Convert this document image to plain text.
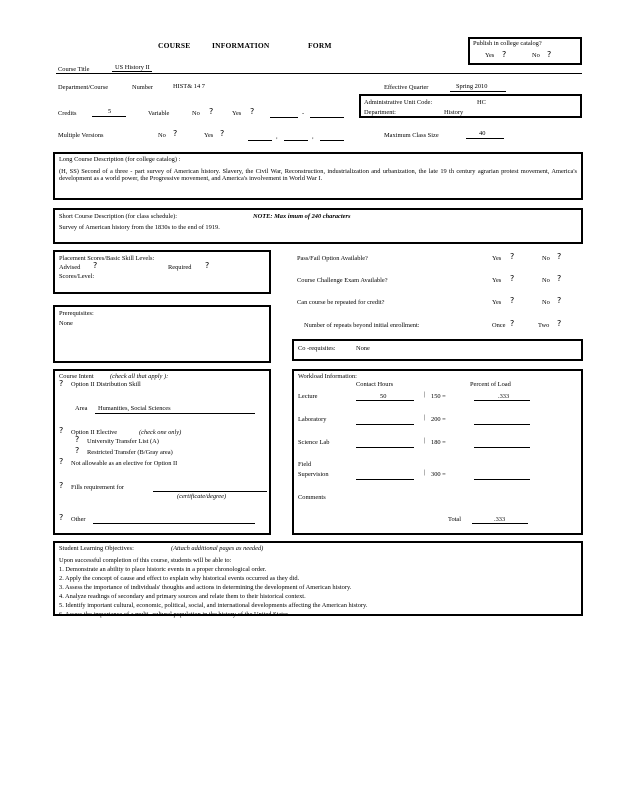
COURSE	INFORMATION	FORM	Publish in college catalog?
Yes ?	No ?
Course Title	US History II
Department/Course	Number	HIST& 14 7	Effective Quarter	Spring 2010
Administrative Unit Code:	HC
Department:	History
Credits	5	Variable	No ?	Yes ?	-
Multiple Versions	No ?	Yes ?	,	,	Maximum Class Size	40
Long Course Description (for college catalog) :
(H, SS) Second of a three - part survey of American history. Slavery, the Civil War, Reconstruction, industrialization and urbanization, the late 19 th century agrarian protest movement, America's development as a world power, the Progressive movement, and America's involvement in World War I.
Short Course Description (for class schedule):	NOTE: Max imum of 240 characters
Survey of American history from the 1830s to the end of 1919.
Placement Scores/Basic Skill Levels:
Advised ?	Required ?
Scores/Level:
Pass/Fail Option Available?	Yes ?	No ?
Course Challenge Exam Available?	Yes ?	No ?
Can course be repeated for credit?	Yes ?	No ?
Number of repeats beyond initial enrollment:	Once ?	Two ?
Prerequisites:
None
Co -requisites:	None
Course Intent	(check all that apply ):
? Option II Distribution Skill
Area Humanities, Social Sciences
? Option II Elective	(check one only)
? University Transfer List (A)
? Restricted Transfer (B/Gray area)
? Not allowable as an elective for Option II
? Fills requirement for
(certificate/degree)
? Other
Workload Information:
Contact Hours	Percent of Load
Lecture	50	| 150 =	.333
Laboratory	| 200 =
Science Lab	| 180 =
Field
Supervision	| 300 =
Comments
Total	.333
Student Learning Objectives:	(Attach additional pages as needed)
Upon successful completion of this course, students will be able to:
1. Demonstrate an ability to place historic events in a proper chronological order.
2. Apply the concept of cause and effect to explain why historical events occurred as they did.
3. Assess the importance of individuals' thoughts and actions in determining the development of American history.
4. Analyze readings of secondary and primary sources and relate them to their historical context.
5. Identify important cultural, economic, political, social, and international developments affecting the American history.
6. Assess the importance of a multi -cultural population in the history of the United States.
